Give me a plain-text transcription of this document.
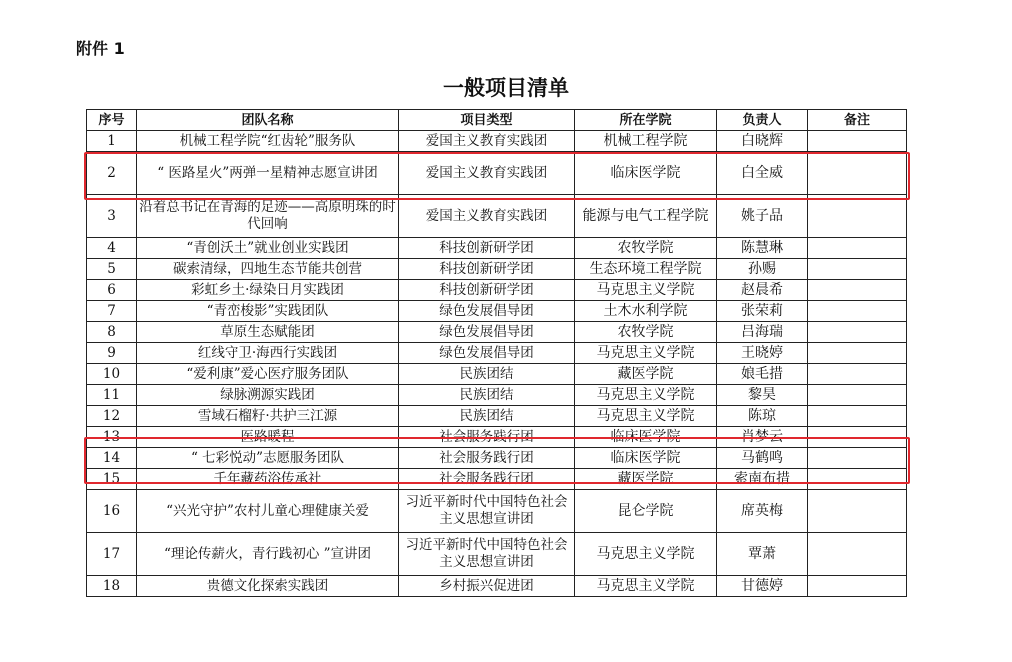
附件 1
一般项目清单
序号	团队名称	项目类型	所在学院	负责人	备注
1	机械工程学院“红齿轮”服务队	爱国主义教育实践团	机械工程学院	白晓辉	
2	“ 医路星火”两弹一星精神志愿宣讲团	爱国主义教育实践团	临床医学院	白全威	
3	沿着总书记在青海的足迹——高原明珠的时代回响	爱国主义教育实践团	能源与电气工程学院	姚子品	
4	“青创沃土”就业创业实践团	科技创新研学团	农牧学院	陈慧琳	
5	碳索清绿，四地生态节能共创营	科技创新研学团	生态环境工程学院	孙赐	
6	彩虹乡土·绿染日月实践团	科技创新研学团	马克思主义学院	赵晨希	
7	“青峦梭影”实践团队	绿色发展倡导团	土木水利学院	张荣莉	
8	草原生态赋能团	绿色发展倡导团	农牧学院	吕海瑞	
9	红线守卫·海西行实践团	绿色发展倡导团	马克思主义学院	王晓婷	
10	“爱利康”爱心医疗服务团队	民族团结	藏医学院	娘毛措	
11	绿脉溯源实践团	民族团结	马克思主义学院	黎昊	
12	雪域石榴籽·共护三江源	民族团结	马克思主义学院	陈琼	
13	医路暖程	社会服务践行团	临床医学院	肖梦云	
14	“ 七彩悦动”志愿服务团队	社会服务践行团	临床医学院	马鹤鸣	
15	千年藏药浴传承社	社会服务践行团	藏医学院	索南布措	
16	“兴光守护”农村儿童心理健康关爱	习近平新时代中国特色社会主义思想宣讲团	昆仑学院	席英梅	
17	“理论传薪火，青行践初心 ”宣讲团	习近平新时代中国特色社会主义思想宣讲团	马克思主义学院	覃萧	
18	贵德文化探索实践团	乡村振兴促进团	马克思主义学院	甘德婷	
